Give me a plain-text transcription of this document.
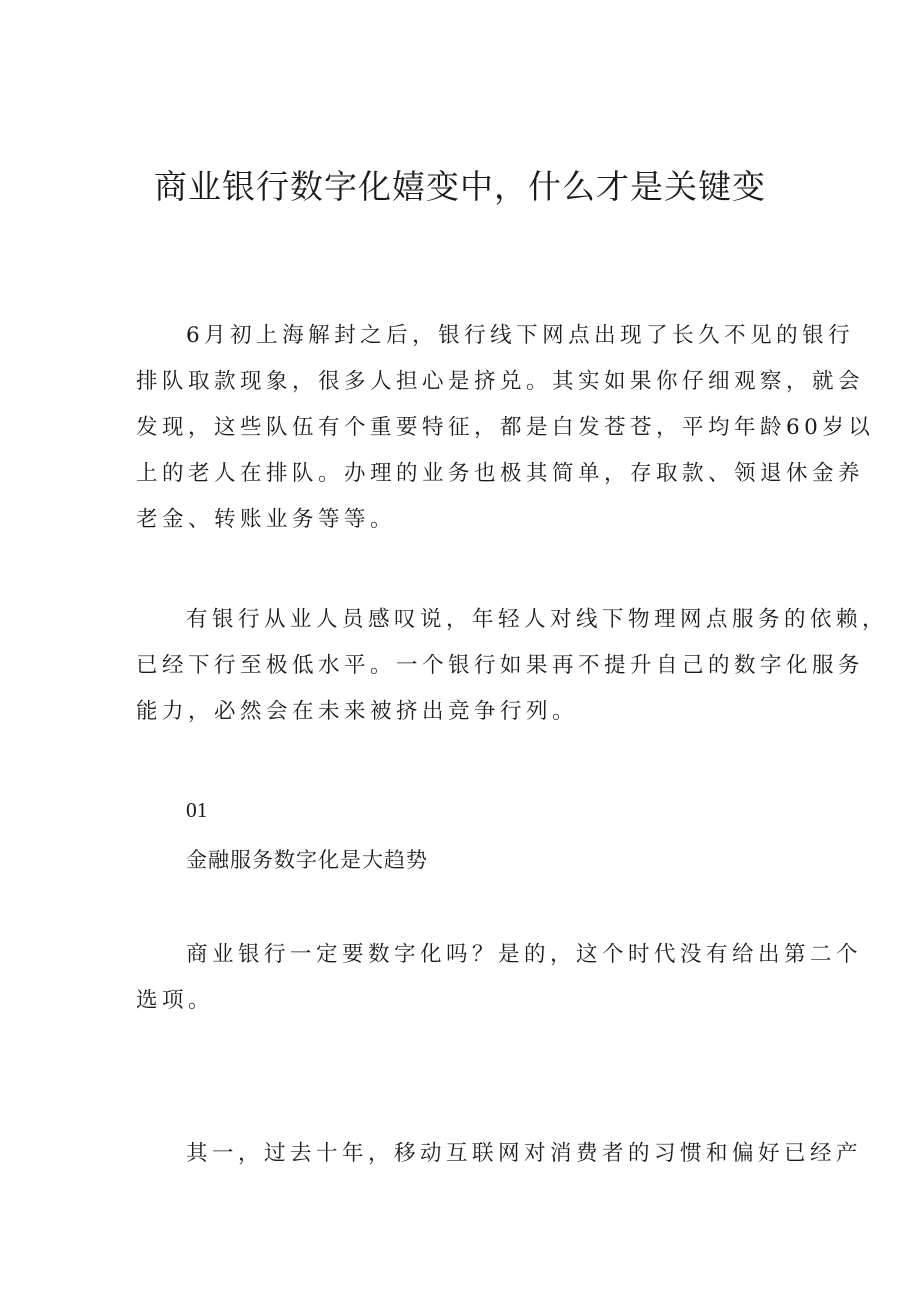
商业银行数字化嬉变中，什么才是关键变
6月初上海解封之后，银行线下网点出现了长久不见的银行
排队取款现象，很多人担心是挤兑。其实如果你仔细观察，就会
发现，这些队伍有个重要特征，都是白发苍苍，平均年龄60岁以
上的老人在排队。办理的业务也极其简单，存取款、领退休金养
老金、转账业务等等。
有银行从业人员感叹说，年轻人对线下物理网点服务的依赖，
已经下行至极低水平。一个银行如果再不提升自己的数字化服务
能力，必然会在未来被挤出竞争行列。
01
金融服务数字化是大趋势
商业银行一定要数字化吗？是的，这个时代没有给出第二个
选项。
其一，过去十年，移动互联网对消费者的习惯和偏好已经产
